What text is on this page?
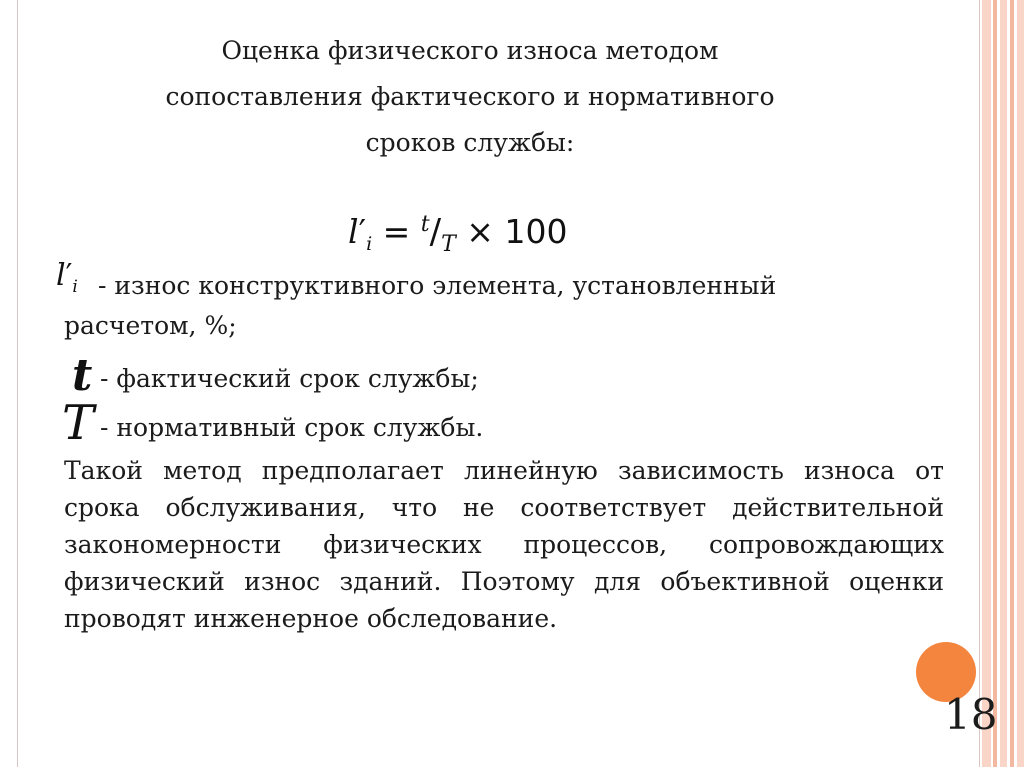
Оценка физического износа методом
сопоставления фактического и нормативного
сроков службы:
$l'_i = ^t/_T \times 100$
$l'_i$ - износ конструктивного элемента, установленный
расчетом, %;
t - фактический срок службы;
T - нормативный срок службы.
Такой метод предполагает линейную зависимость износа от срока обслуживания, что не соответствует действительной закономерности физических процессов, сопровождающих физический износ зданий. Поэтому для объективной оценки проводят инженерное обследование.
18
